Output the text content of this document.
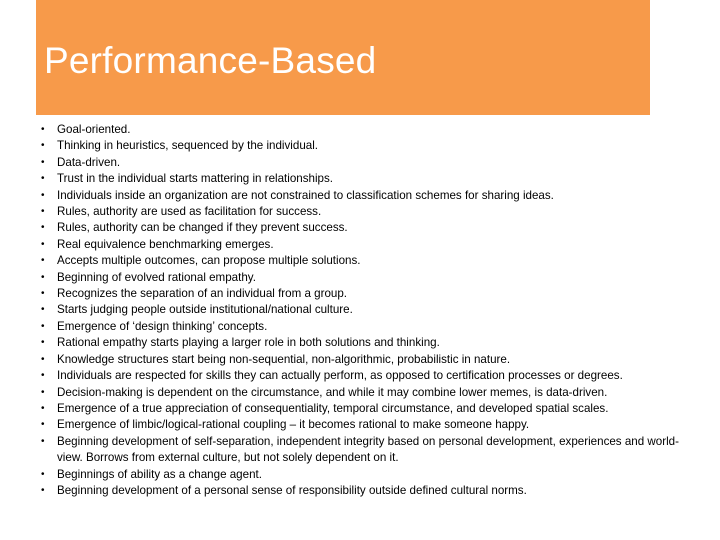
Performance-Based
• Goal-oriented.
• Thinking in heuristics, sequenced by the individual.
• Data-driven.
• Trust in the individual starts mattering in relationships.
• Individuals inside an organization are not constrained to classification schemes for sharing ideas.
• Rules, authority are used as facilitation for success.
• Rules, authority can be changed if they prevent success.
• Real equivalence benchmarking emerges.
• Accepts multiple outcomes, can propose multiple solutions.
• Beginning of evolved rational empathy.
• Recognizes the separation of an individual from a group.
• Starts judging people outside institutional/national culture.
• Emergence of ‘design thinking’ concepts.
• Rational empathy starts playing a larger role in both solutions and thinking.
• Knowledge structures start being non-sequential, non-algorithmic, probabilistic in nature.
• Individuals are respected for skills they can actually perform, as opposed to certification processes or degrees.
• Decision-making is dependent on the circumstance, and while it may combine lower memes, is data-driven.
• Emergence of a true appreciation of consequentiality, temporal circumstance, and developed spatial scales.
• Emergence of limbic/logical-rational coupling – it becomes rational to make someone happy.
• Beginning development of self-separation, independent integrity based on personal development, experiences and world-view. Borrows from external culture, but not solely dependent on it.
• Beginnings of ability as a change agent.
• Beginning development of a personal sense of responsibility outside defined cultural norms.
